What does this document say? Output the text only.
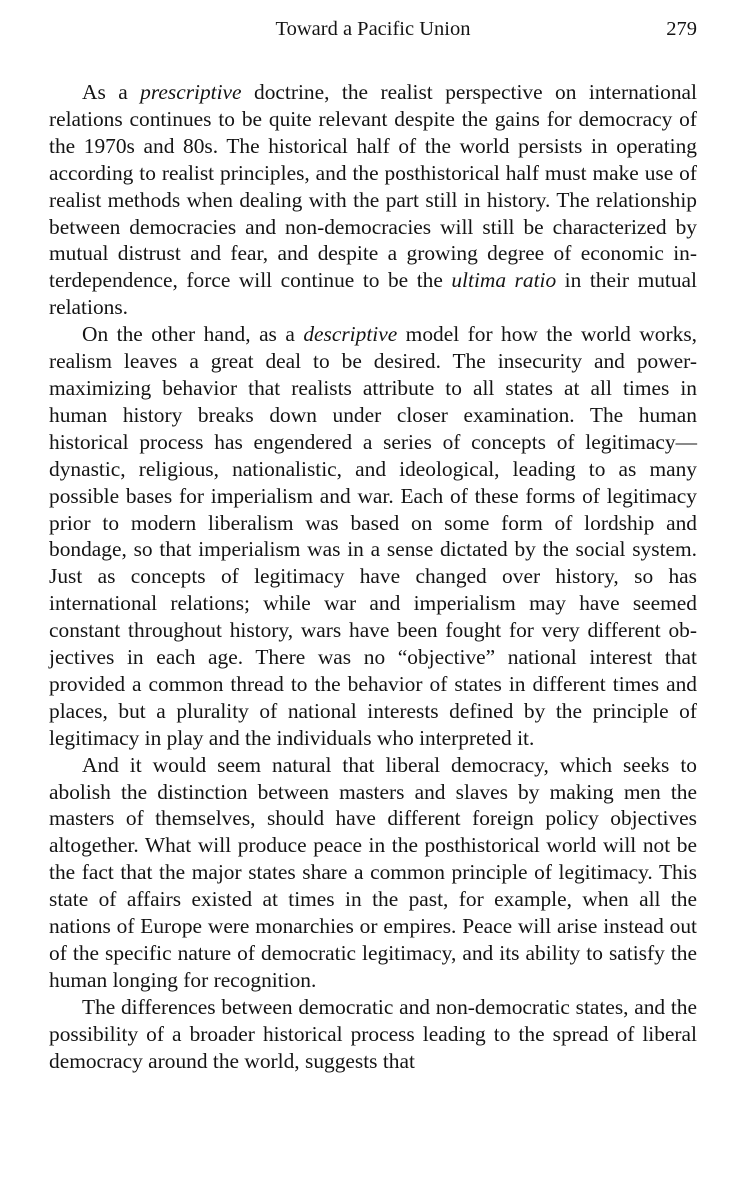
Toward a Pacific Union	279

As a prescriptive doctrine, the realist perspective on international relations continues to be quite relevant despite the gains for democracy of the 1970s and 80s. The historical half of the world persists in operating according to realist principles, and the posthistorical half must make use of realist methods when dealing with the part still in history. The relationship between democracies and non-democracies will still be characterized by mutual distrust and fear, and despite a growing degree of economic interdependence, force will continue to be the ultima ratio in their mutual relations.

On the other hand, as a descriptive model for how the world works, realism leaves a great deal to be desired. The insecurity and power-maximizing behavior that realists attribute to all states at all times in human history breaks down under closer examination. The human historical process has engendered a series of concepts of legitimacy—dynastic, religious, nationalistic, and ideological, leading to as many possible bases for imperialism and war. Each of these forms of legitimacy prior to modern liberalism was based on some form of lordship and bondage, so that imperialism was in a sense dictated by the social system. Just as concepts of legitimacy have changed over history, so has international relations; while war and imperialism may have seemed constant throughout history, wars have been fought for very different objectives in each age. There was no “objective” national interest that provided a common thread to the behavior of states in different times and places, but a plurality of national interests defined by the principle of legitimacy in play and the individuals who interpreted it.

And it would seem natural that liberal democracy, which seeks to abolish the distinction between masters and slaves by making men the masters of themselves, should have different foreign policy objectives altogether. What will produce peace in the posthistorical world will not be the fact that the major states share a common principle of legitimacy. This state of affairs existed at times in the past, for example, when all the nations of Europe were monarchies or empires. Peace will arise instead out of the specific nature of democratic legitimacy, and its ability to satisfy the human longing for recognition.

The differences between democratic and non-democratic states, and the possibility of a broader historical process leading to the spread of liberal democracy around the world, suggests that
